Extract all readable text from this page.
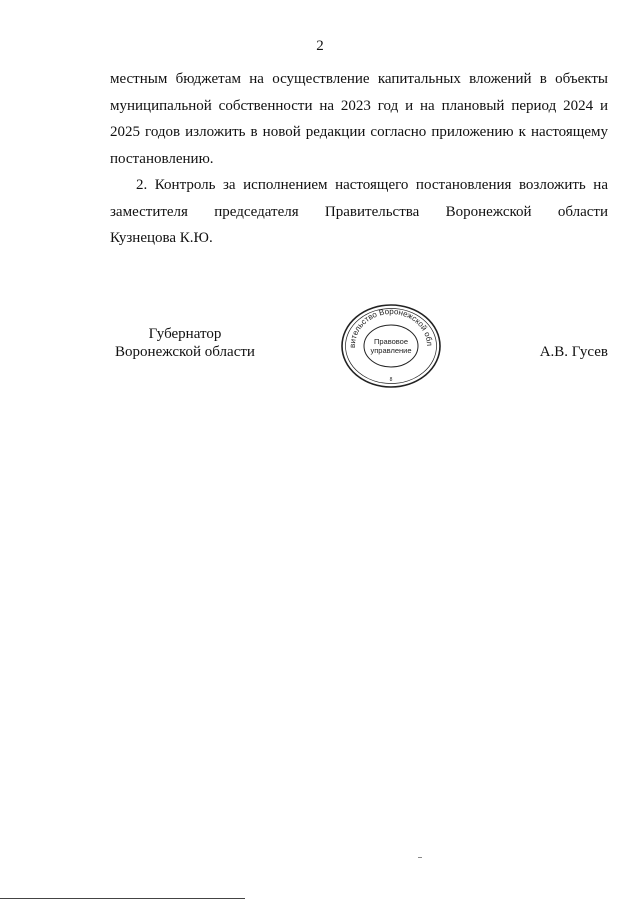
2
местным бюджетам на осуществление капитальных вложений в объекты
муниципальной собственности на 2023 год и на плановый период 2024 и
2025 годов изложить в новой редакции согласно приложению к настоящему
постановлению.
2. Контроль за исполнением настоящего постановления возложить на
заместителя председателя Правительства Воронежской области
Кузнецова К.Ю.
Губернатор
Воронежской области	вительство Воронежской обл
Правовое
управление
8
А.В. Гусев
